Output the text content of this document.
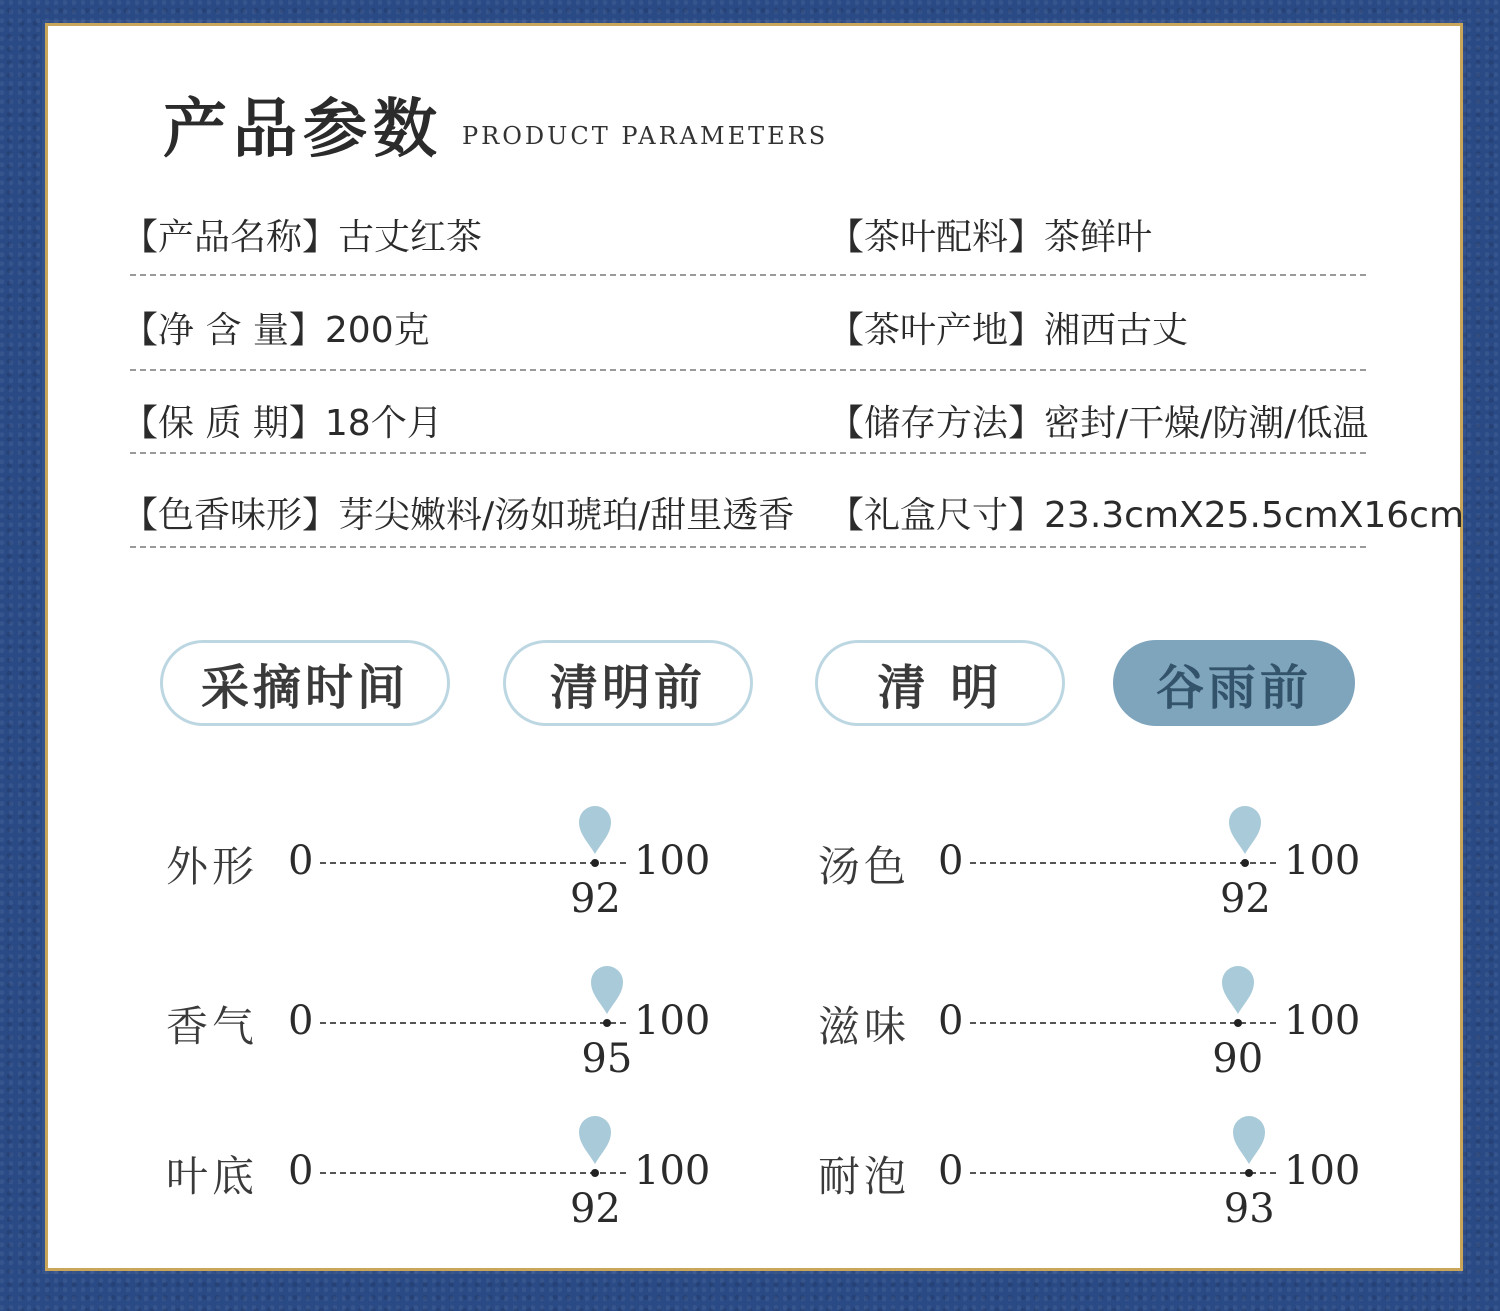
产品参数 PRODUCT PARAMETERS
【产品名称】古丈红茶	【茶叶配料】茶鲜叶
【净 含 量】200克	【茶叶产地】湘西古丈
【保 质 期】18个月	【储存方法】密封/干燥/防潮/低温
【色香味形】芽尖嫩料/汤如琥珀/甜里透香 【礼盒尺寸】23.3cmX25.5cmX16cm
采摘时间	清明前	清 明	谷雨前
外形 0	100
92
汤色 0	100
92
香气 0	100
95
滋味 0	100
90
叶底 0	100
92
耐泡 0	100
93
